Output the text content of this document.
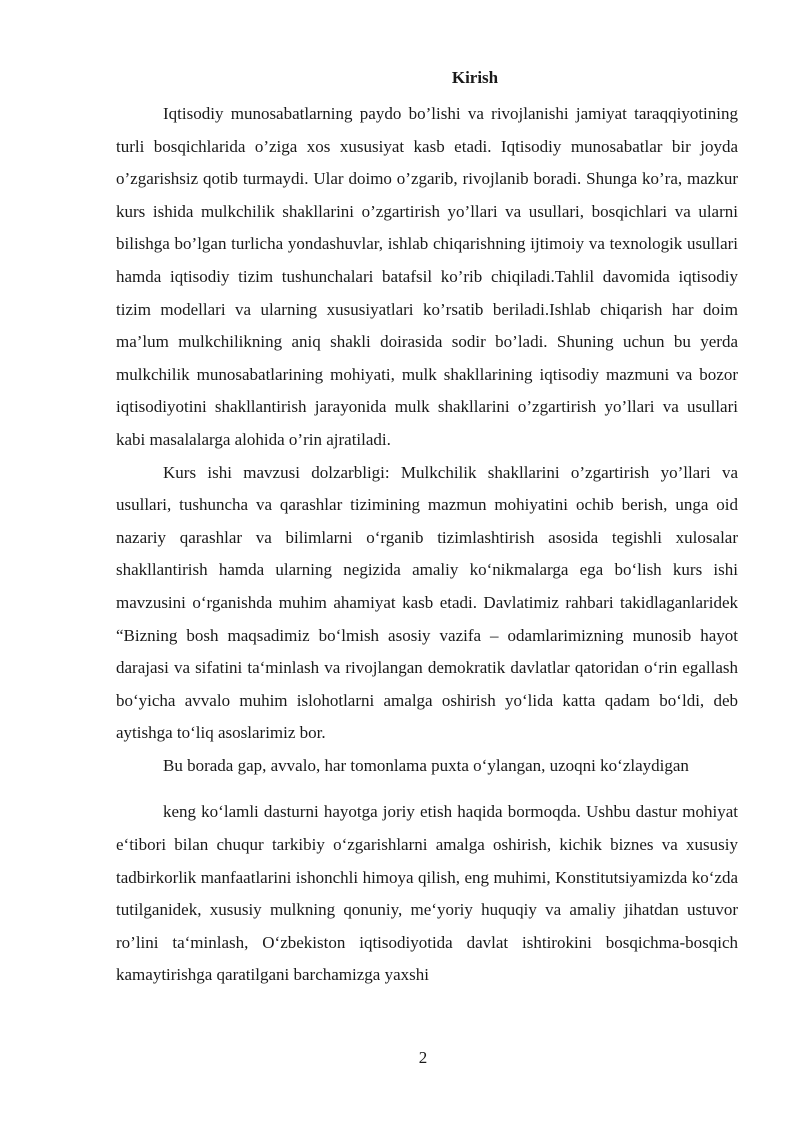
Kirish

Iqtisodiy munosabatlarning paydo bo’lishi va rivojlanishi jamiyat taraqqiyotining turli bosqichlarida o’ziga xos xususiyat kasb etadi. Iqtisodiy munosabatlar bir joyda o’zgarishsiz qotib turmaydi. Ular doimo o’zgarib, rivojlanib boradi. Shunga ko’ra, mazkur kurs ishida mulkchilik shakllarini o’zgartirish yo’llari va usullari, bosqichlari va ularni bilishga bo’lgan turlicha yondashuvlar, ishlab chiqarishning ijtimoiy va texnologik usullari hamda iqtisodiy tizim tushunchalari batafsil ko’rib chiqiladi.Tahlil davomida iqtisodiy tizim modellari va ularning xususiyatlari ko’rsatib beriladi.Ishlab chiqarish har doim ma’lum mulkchilikning aniq shakli doirasida sodir bo’ladi. Shuning uchun bu yerda mulkchilik munosabatlarining mohiyati, mulk shakllarining iqtisodiy mazmuni va bozor iqtisodiyotini shakllantirish jarayonida mulk shakllarini o’zgartirish yo’llari va usullari kabi masalalarga alohida o’rin ajratiladi.

Kurs ishi mavzusi dolzarbligi: Mulkchilik shakllarini o’zgartirish yo’llari va usullari, tushuncha va qarashlar tizimining mazmun mohiyatini ochib berish, unga oid nazariy qarashlar va bilimlarni o‘rganib tizimlashtirish asosida tegishli xulosalar shakllantirish hamda ularning negizida amaliy ko‘nikmalarga ega bo‘lish kurs ishi mavzusini o‘rganishda muhim ahamiyat kasb etadi. Davlatimiz rahbari takidlaganlaridek “Bizning bosh maqsadimiz bo‘lmish asosiy vazifa – odamlarimizning munosib hayot darajasi va sifatini ta‘minlash va rivojlangan demokratik davlatlar qatoridan o‘rin egallash bo‘yicha avvalo muhim islohotlarni amalga oshirish yo‘lida katta qadam bo‘ldi, deb aytishga to‘liq asoslarimiz bor.

Bu borada gap, avvalo, har tomonlama puxta o‘ylangan, uzoqni ko‘zlaydigan

keng ko‘lamli dasturni hayotga joriy etish haqida bormoqda. Ushbu dastur mohiyat e‘tibori bilan chuqur tarkibiy o‘zgarishlarni amalga oshirish, kichik biznes va xususiy tadbirkorlik manfaatlarini ishonchli himoya qilish, eng muhimi, Konstitutsiyamizda ko‘zda tutilganidek, xususiy mulkning qonuniy, me‘yoriy huquqiy va amaliy jihatdan ustuvor ro’lini ta‘minlash, O‘zbekiston iqtisodiyotida davlat ishtirokini bosqichma-bosqich kamaytirishga qaratilgani barchamizga yaxshi

2
